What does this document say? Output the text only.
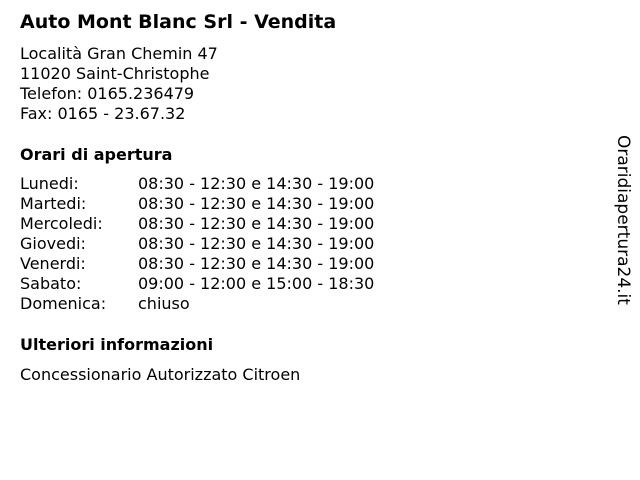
Auto Mont Blanc Srl - Vendita
Località Gran Chemin 47
11020 Saint-Christophe
Telefon: 0165.236479
Fax: 0165 - 23.67.32
Orari di apertura
Lunedi:	08:30 - 12:30 e 14:30 - 19:00
Martedi:	08:30 - 12:30 e 14:30 - 19:00
Mercoledi:	08:30 - 12:30 e 14:30 - 19:00
Giovedi:	08:30 - 12:30 e 14:30 - 19:00
Venerdi:	08:30 - 12:30 e 14:30 - 19:00
Sabato:	09:00 - 12:00 e 15:00 - 18:30
Domenica:	chiuso
Ulteriori informazioni
Concessionario Autorizzato Citroen
Oraridiapertura24.it
